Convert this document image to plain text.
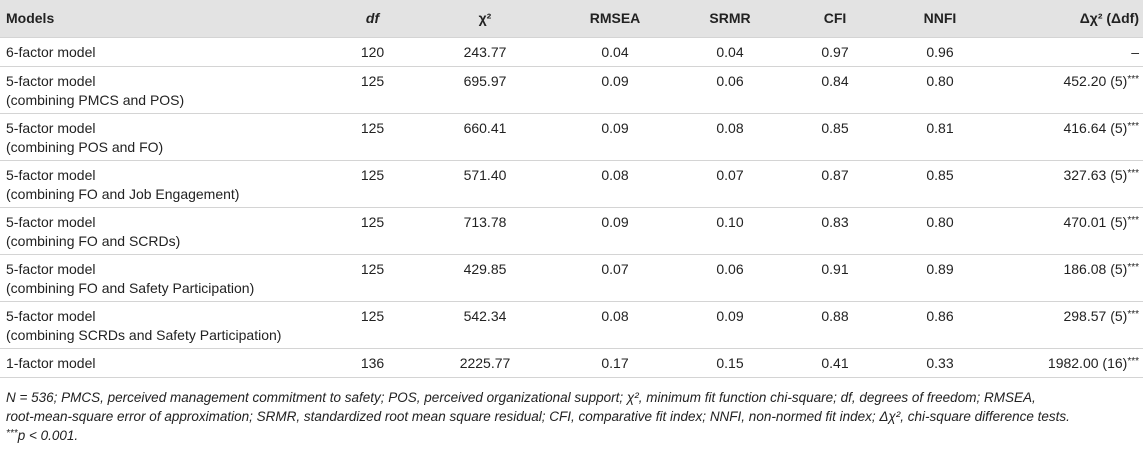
Models	df	χ²	RMSEA	SRMR	CFI	NNFI	Δχ² (Δdf)
6-factor model	120	243.77	0.04	0.04	0.97	0.96	–
5-factor model
(combining PMCS and POS)	125	695.97	0.09	0.06	0.84	0.80	452.20 (5)***
5-factor model
(combining POS and FO)	125	660.41	0.09	0.08	0.85	0.81	416.64 (5)***
5-factor model
(combining FO and Job Engagement)	125	571.40	0.08	0.07	0.87	0.85	327.63 (5)***
5-factor model
(combining FO and SCRDs)	125	713.78	0.09	0.10	0.83	0.80	470.01 (5)***
5-factor model
(combining FO and Safety Participation)	125	429.85	0.07	0.06	0.91	0.89	186.08 (5)***
5-factor model
(combining SCRDs and Safety Participation)	125	542.34	0.08	0.09	0.88	0.86	298.57 (5)***
1-factor model	136	2225.77	0.17	0.15	0.41	0.33	1982.00 (16)***

N = 536; PMCS, perceived management commitment to safety; POS, perceived organizational support; χ², minimum fit function chi-square; df, degrees of freedom; RMSEA,
root-mean-square error of approximation; SRMR, standardized root mean square residual; CFI, comparative fit index; NNFI, non-normed fit index; Δχ², chi-square difference tests.
***p < 0.001.
